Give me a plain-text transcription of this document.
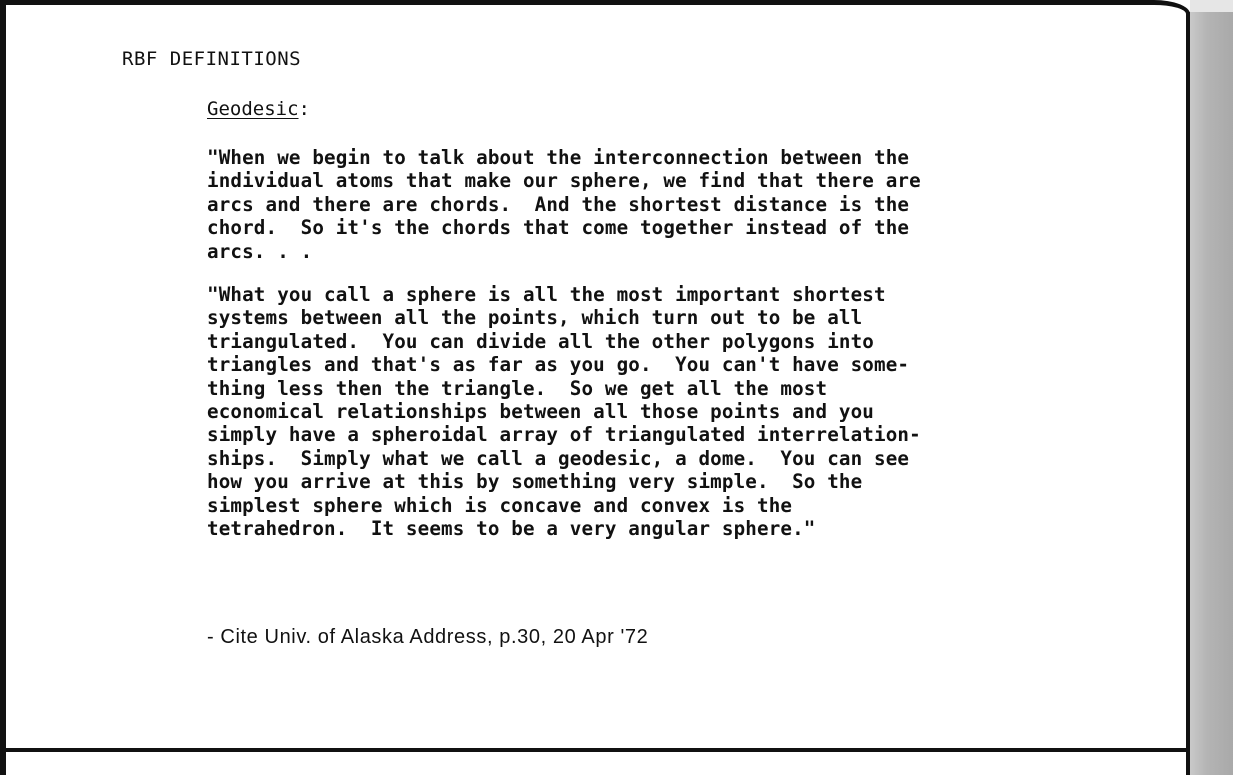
RBF DEFINITIONS
Geodesic:
"When we begin to talk about the interconnection between the
individual atoms that make our sphere, we find that there are
arcs and there are chords.  And the shortest distance is the
chord.  So it's the chords that come together instead of the
arcs. . .
"What you call a sphere is all the most important shortest
systems between all the points, which turn out to be all
triangulated.  You can divide all the other polygons into
triangles and that's as far as you go.  You can't have some-
thing less then the triangle.  So we get all the most
economical relationships between all those points and you
simply have a spheroidal array of triangulated interrelation-
ships.  Simply what we call a geodesic, a dome.  You can see
how you arrive at this by something very simple.  So the
simplest sphere which is concave and convex is the
tetrahedron.  It seems to be a very angular sphere."
- Cite Univ. of Alaska Address, p.30, 20 Apr '72
